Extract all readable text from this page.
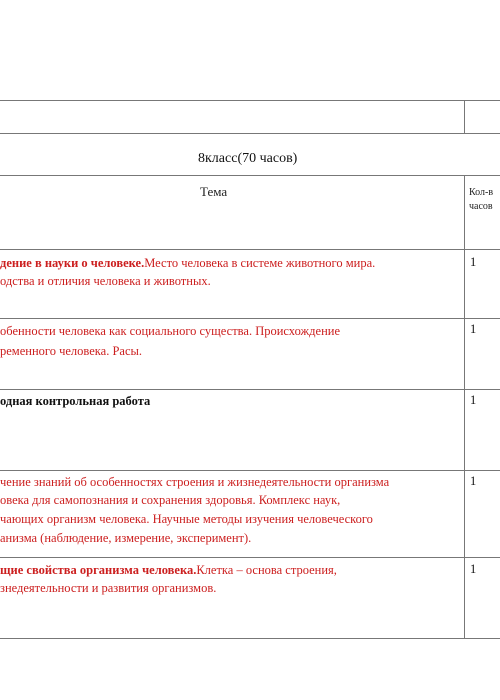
8класс(70 часов)
Тема	Кол-в
часов
дение в науки о человеке.Место человека в системе животного мира.
одства и отличия человека и животных.
1
обенности человека как социального существа. Происхождение
ременного человека. Расы.
1
одная контрольная работа	1
чение знаний об особенностях строения и жизнедеятельности организма
овека для самопознания и сохранения здоровья. Комплекс наук,
чающих организм человека. Научные методы изучения человеческого
анизма (наблюдение, измерение, эксперимент).
1
щие свойства организма человека.Клетка – основа строения,
знедеятельности и развития организмов.
1
